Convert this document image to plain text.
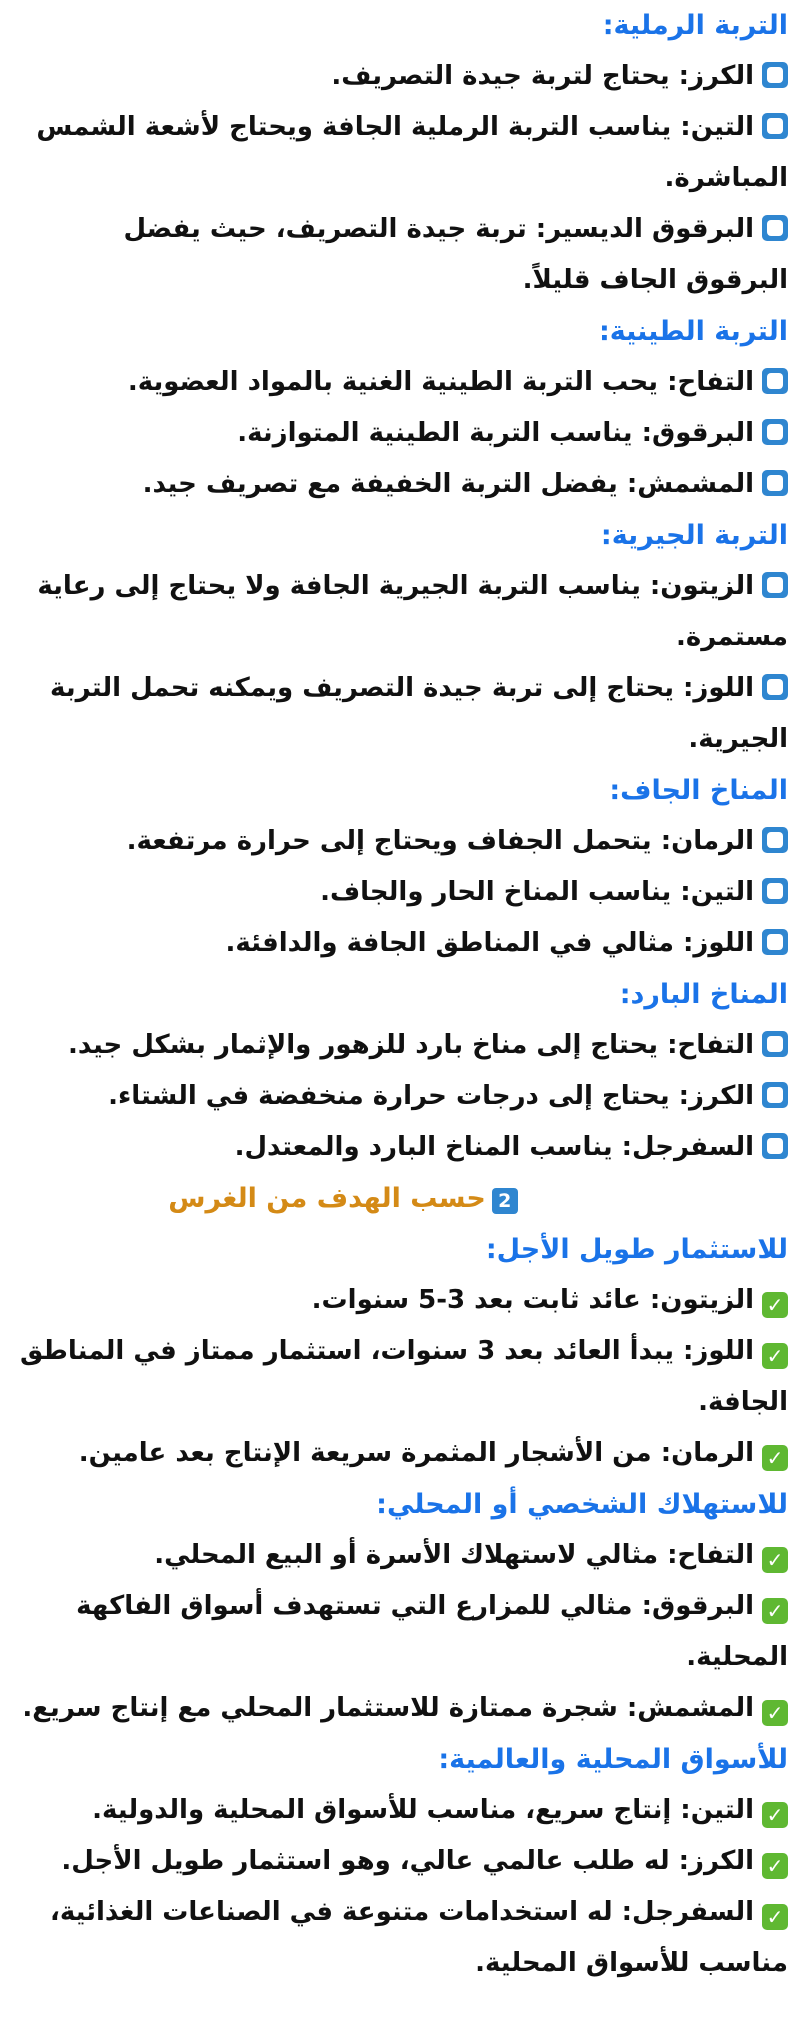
التربة الرملية:

الكرز: يحتاج لتربة جيدة التصريف.

التين: يناسب التربة الرملية الجافة ويحتاج لأشعة الشمس المباشرة.

البرقوق الديسير: تربة جيدة التصريف، حيث يفضل البرقوق الجاف قليلاً.

التربة الطينية:

التفاح: يحب التربة الطينية الغنية بالمواد العضوية.

البرقوق: يناسب التربة الطينية المتوازنة.

المشمش: يفضل التربة الخفيفة مع تصريف جيد.

التربة الجيرية:

الزيتون: يناسب التربة الجيرية الجافة ولا يحتاج إلى رعاية مستمرة.

اللوز: يحتاج إلى تربة جيدة التصريف ويمكنه تحمل التربة الجيرية.

المناخ الجاف:

الرمان: يتحمل الجفاف ويحتاج إلى حرارة مرتفعة.

التين: يناسب المناخ الحار والجاف.

اللوز: مثالي في المناطق الجافة والدافئة.

المناخ البارد:

التفاح: يحتاج إلى مناخ بارد للزهور والإثمار بشكل جيد.

الكرز: يحتاج إلى درجات حرارة منخفضة في الشتاء.

السفرجل: يناسب المناخ البارد والمعتدل.

2حسب الهدف من الغرس
للاستثمار طويل الأجل:

✓الزيتون: عائد ثابت بعد 3-5 سنوات.

✓اللوز: يبدأ العائد بعد 3 سنوات، استثمار ممتاز في المناطق الجافة.

✓الرمان: من الأشجار المثمرة سريعة الإنتاج بعد عامين.

للاستهلاك الشخصي أو المحلي:

✓التفاح: مثالي لاستهلاك الأسرة أو البيع المحلي.

✓البرقوق: مثالي للمزارع التي تستهدف أسواق الفاكهة المحلية.

✓المشمش: شجرة ممتازة للاستثمار المحلي مع إنتاج سريع.

للأسواق المحلية والعالمية:

✓التين: إنتاج سريع، مناسب للأسواق المحلية والدولية.

✓الكرز: له طلب عالمي عالي، وهو استثمار طويل الأجل.

✓السفرجل: له استخدامات متنوعة في الصناعات الغذائية، مناسب للأسواق المحلية.
